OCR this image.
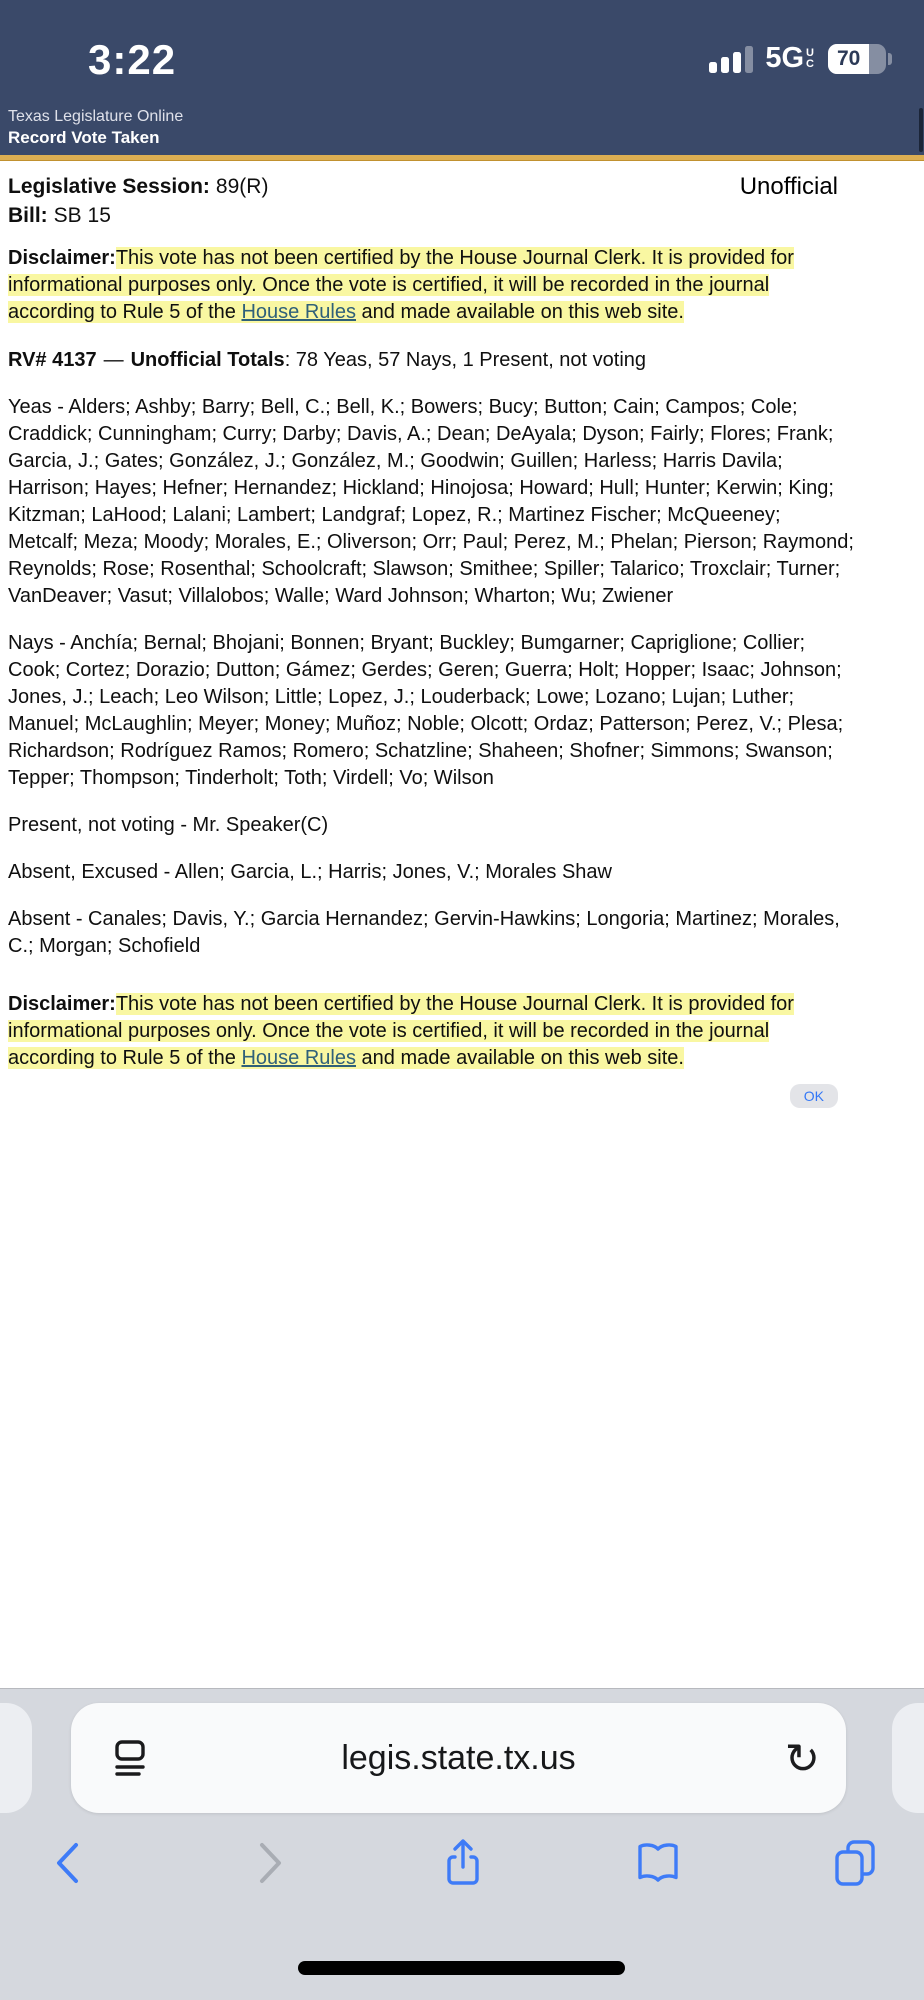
3:22	5G U
C	70
Texas Legislature Online
Record Vote Taken
Unofficial
Legislative Session: 89(R)
Bill: SB 15

Disclaimer:This vote has not been certified by the House Journal Clerk. It is provided for informational purposes only. Once the vote is certified, it will be recorded in the journal according to Rule 5 of the House Rules and made available on this web site.

RV# 4137 — Unofficial Totals: 78 Yeas, 57 Nays, 1 Present, not voting

Yeas - Alders; Ashby; Barry; Bell, C.; Bell, K.; Bowers; Bucy; Button; Cain; Campos; Cole; Craddick; Cunningham; Curry; Darby; Davis, A.; Dean; DeAyala; Dyson; Fairly; Flores; Frank; Garcia, J.; Gates; González, J.; González, M.; Goodwin; Guillen; Harless; Harris Davila; Harrison; Hayes; Hefner; Hernandez; Hickland; Hinojosa; Howard; Hull; Hunter; Kerwin; King; Kitzman; LaHood; Lalani; Lambert; Landgraf; Lopez, R.; Martinez Fischer; McQueeney; Metcalf; Meza; Moody; Morales, E.; Oliverson; Orr; Paul; Perez, M.; Phelan; Pierson; Raymond; Reynolds; Rose; Rosenthal; Schoolcraft; Slawson; Smithee; Spiller; Talarico; Troxclair; Turner; VanDeaver; Vasut; Villalobos; Walle; Ward Johnson; Wharton; Wu; Zwiener

Nays - Anchía; Bernal; Bhojani; Bonnen; Bryant; Buckley; Bumgarner; Capriglione; Collier; Cook; Cortez; Dorazio; Dutton; Gámez; Gerdes; Geren; Guerra; Holt; Hopper; Isaac; Johnson; Jones, J.; Leach; Leo Wilson; Little; Lopez, J.; Louderback; Lowe; Lozano; Lujan; Luther; Manuel; McLaughlin; Meyer; Money; Muñoz; Noble; Olcott; Ordaz; Patterson; Perez, V.; Plesa; Richardson; Rodríguez Ramos; Romero; Schatzline; Shaheen; Shofner; Simmons; Swanson; Tepper; Thompson; Tinderholt; Toth; Virdell; Vo; Wilson

Present, not voting - Mr. Speaker(C)

Absent, Excused - Allen; Garcia, L.; Harris; Jones, V.; Morales Shaw

Absent - Canales; Davis, Y.; Garcia Hernandez; Gervin-Hawkins; Longoria; Martinez; Morales, C.; Morgan; Schofield

Disclaimer:This vote has not been certified by the House Journal Clerk. It is provided for informational purposes only. Once the vote is certified, it will be recorded in the journal according to Rule 5 of the House Rules and made available on this web site.

OK
legis.state.tx.us	↻
